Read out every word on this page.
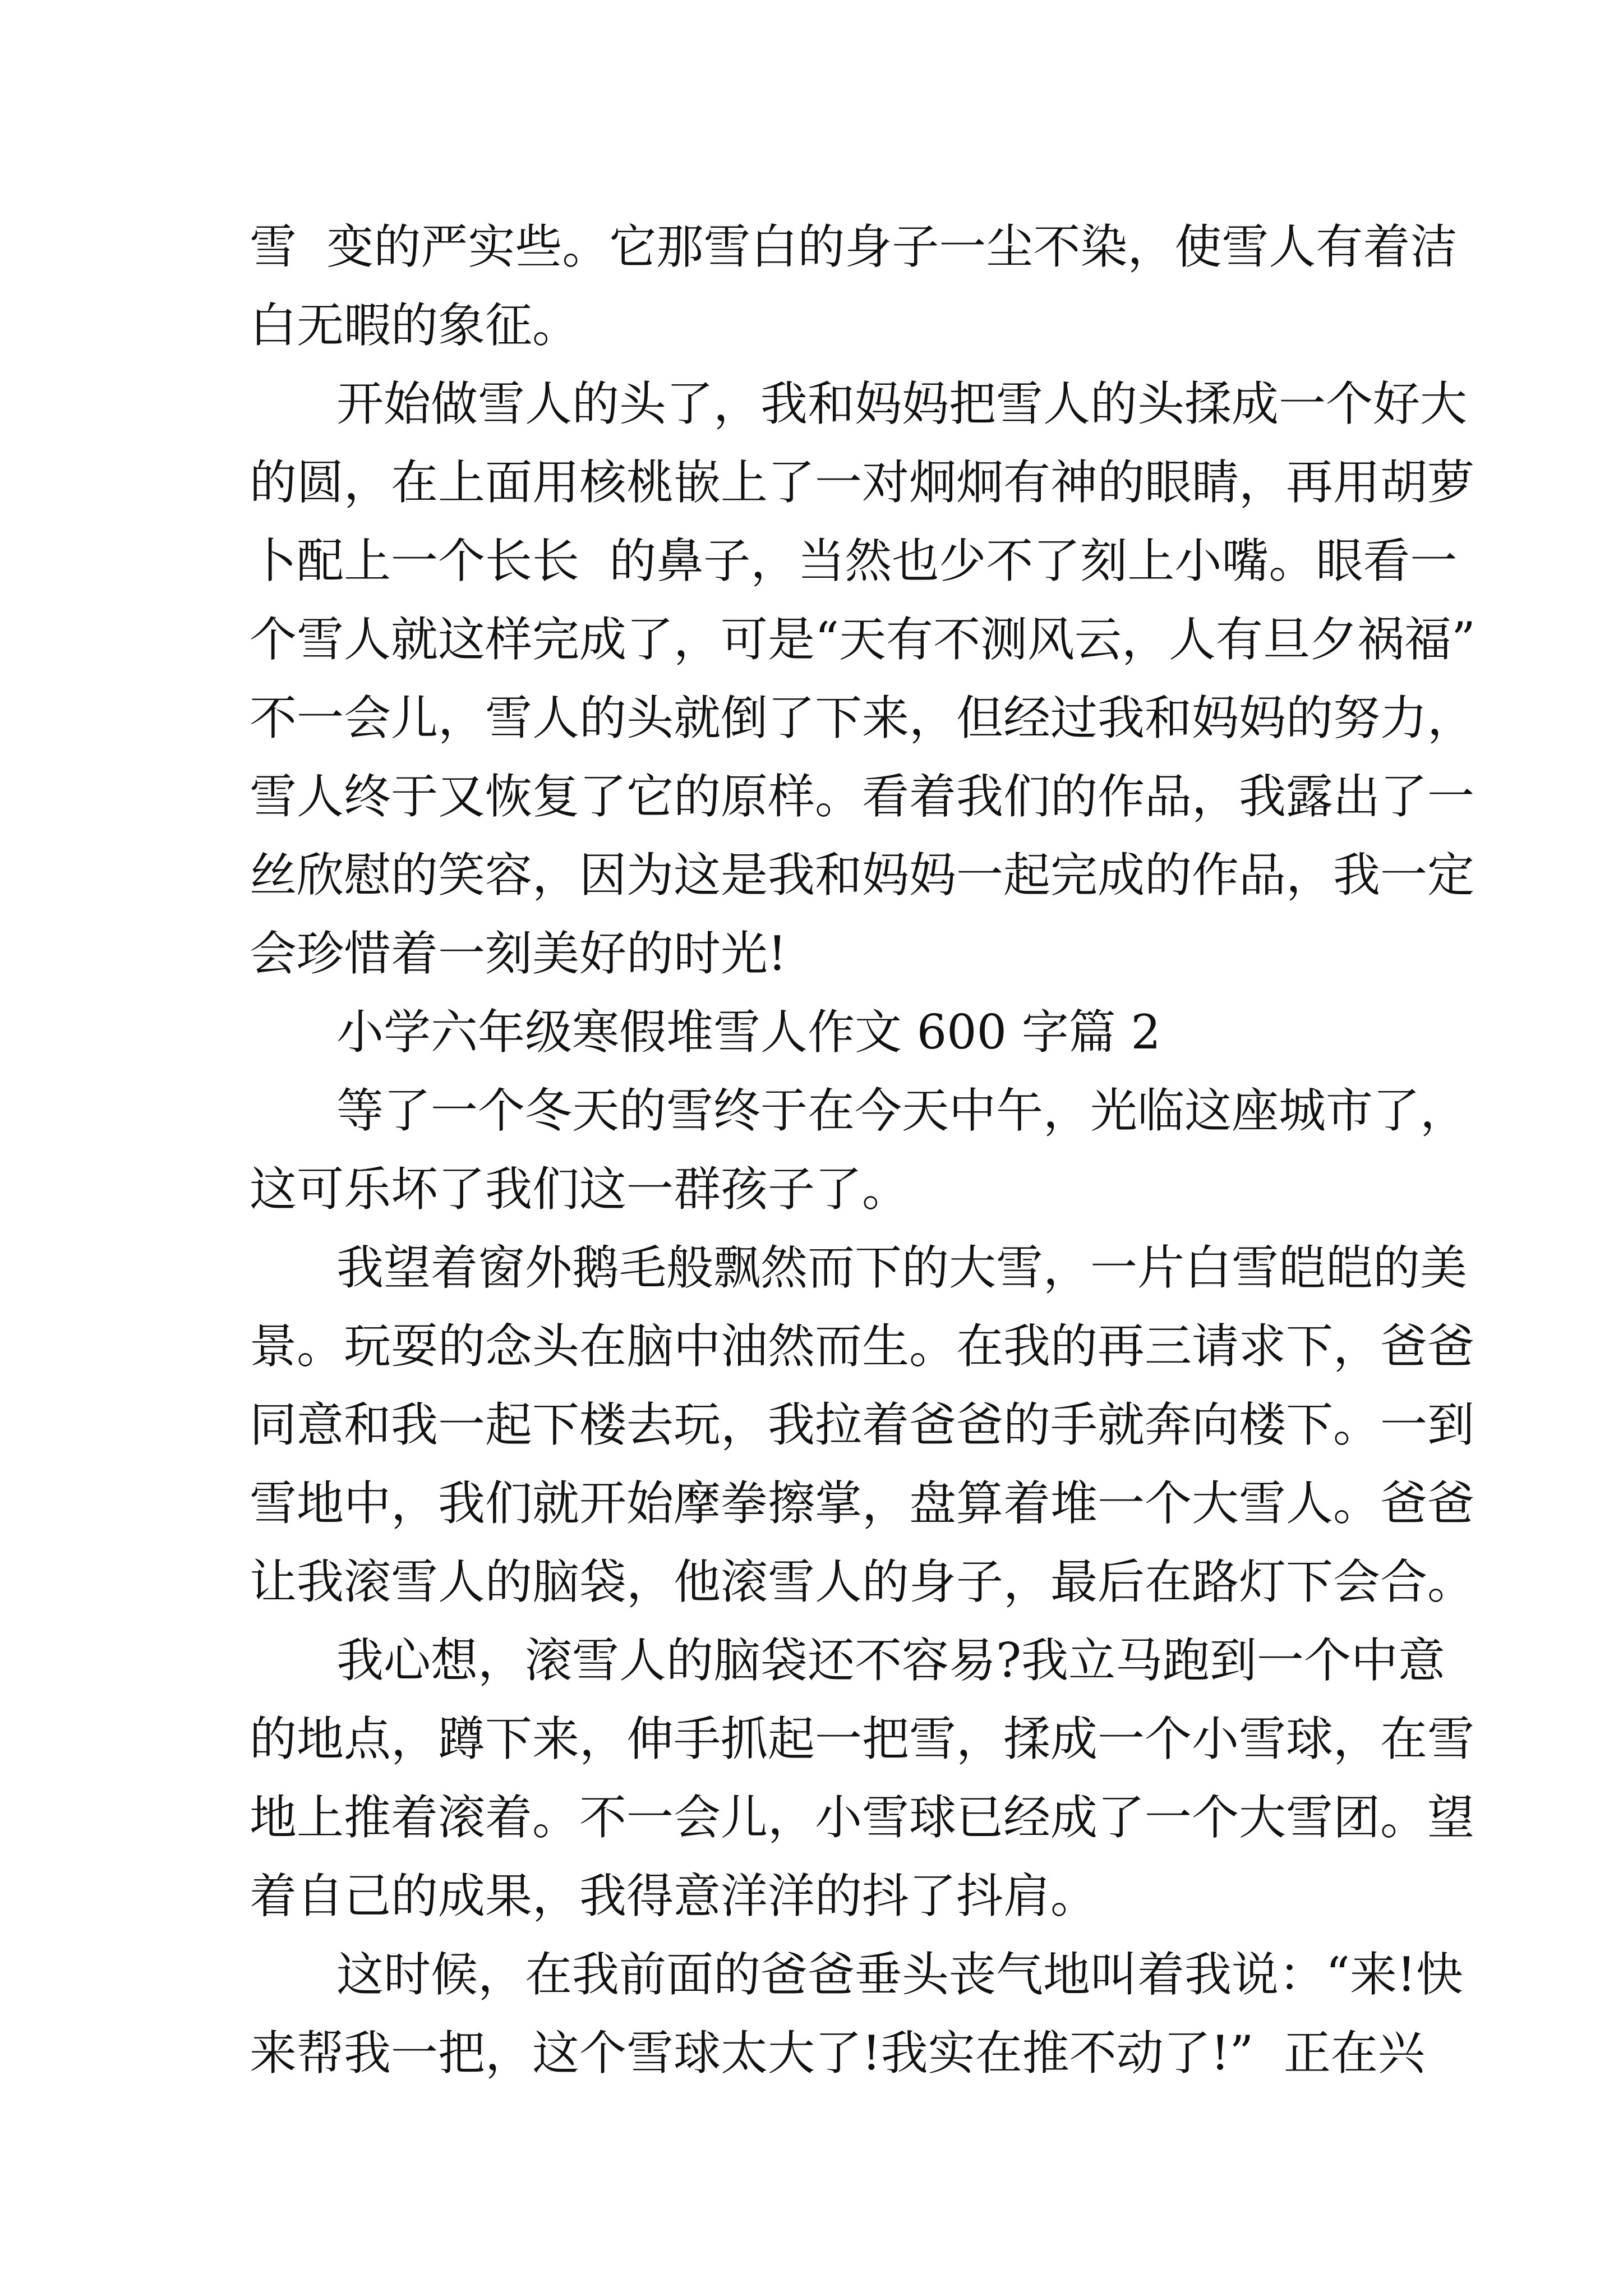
雪  变的严实些。它那雪白的身子一尘不染，使雪人有着洁
白无暇的象征。
开始做雪人的头了，我和妈妈把雪人的头揉成一个好大
的圆，在上面用核桃嵌上了一对炯炯有神的眼睛，再用胡萝
卜配上一个长长  的鼻子，当然也少不了刻上小嘴。眼看一
个雪人就这样完成了，可是“天有不测风云，人有旦夕祸福”
不一会儿，雪人的头就倒了下来，但经过我和妈妈的努力，
雪人终于又恢复了它的原样。看着我们的作品，我露出了一
丝欣慰的笑容，因为这是我和妈妈一起完成的作品，我一定
会珍惜着一刻美好的时光!
小学六年级寒假堆雪人作文 600 字篇 2
等了一个冬天的雪终于在今天中午，光临这座城市了，
这可乐坏了我们这一群孩子了。
我望着窗外鹅毛般飘然而下的大雪，一片白雪皑皑的美
景。玩耍的念头在脑中油然而生。在我的再三请求下，爸爸
同意和我一起下楼去玩，我拉着爸爸的手就奔向楼下。一到
雪地中，我们就开始摩拳擦掌，盘算着堆一个大雪人。爸爸
让我滚雪人的脑袋，他滚雪人的身子，最后在路灯下会合。
我心想，滚雪人的脑袋还不容易?我立马跑到一个中意
的地点，蹲下来，伸手抓起一把雪，揉成一个小雪球，在雪
地上推着滚着。不一会儿，小雪球已经成了一个大雪团。望
着自己的成果，我得意洋洋的抖了抖肩。
这时候，在我前面的爸爸垂头丧气地叫着我说：“来!快
来帮我一把，这个雪球太大了!我实在推不动了!”  正在兴
